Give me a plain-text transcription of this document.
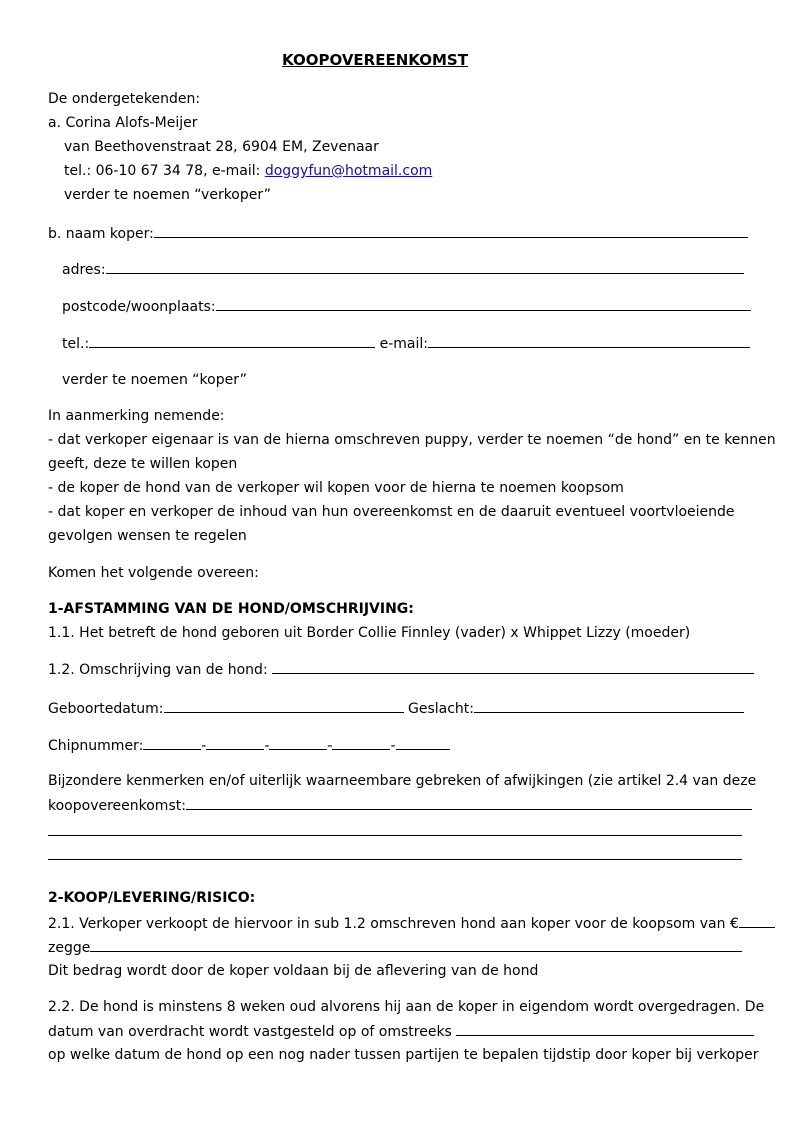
KOOPOVEREENKOMST
De ondergetekenden:
a. Corina Alofs-Meijer
van Beethovenstraat 28, 6904 EM, Zevenaar
tel.: 06-10 67 34 78, e-mail: doggyfun@hotmail.com
verder te noemen “verkoper”
b. naam koper:
adres:
postcode/woonplaats:
tel.:	e-mail:
verder te noemen “koper”
In aanmerking nemende:
- dat verkoper eigenaar is van de hierna omschreven puppy, verder te noemen “de hond” en te kennen
geeft, deze te willen kopen
- de koper de hond van de verkoper wil kopen voor de hierna te noemen koopsom
- dat koper en verkoper de inhoud van hun overeenkomst en de daaruit eventueel voortvloeiende
gevolgen wensen te regelen
Komen het volgende overeen:
1-AFSTAMMING VAN DE HOND/OMSCHRIJVING:
1.1. Het betreft de hond geboren uit Border Collie Finnley (vader) x Whippet Lizzy (moeder)
1.2. Omschrijving van de hond:
Geboortedatum:	Geslacht:
Chipnummer:	-	-	-	-
Bijzondere kenmerken en/of uiterlijk waarneembare gebreken of afwijkingen (zie artikel 2.4 van deze
koopovereenkomst:
2-KOOP/LEVERING/RISICO:
2.1. Verkoper verkoopt de hiervoor in sub 1.2 omschreven hond aan koper voor de koopsom van €
zegge
Dit bedrag wordt door de koper voldaan bij de aflevering van de hond
2.2. De hond is minstens 8 weken oud alvorens hij aan de koper in eigendom wordt overgedragen. De
datum van overdracht wordt vastgesteld op of omstreeks
op welke datum de hond op een nog nader tussen partijen te bepalen tijdstip door koper bij verkoper
